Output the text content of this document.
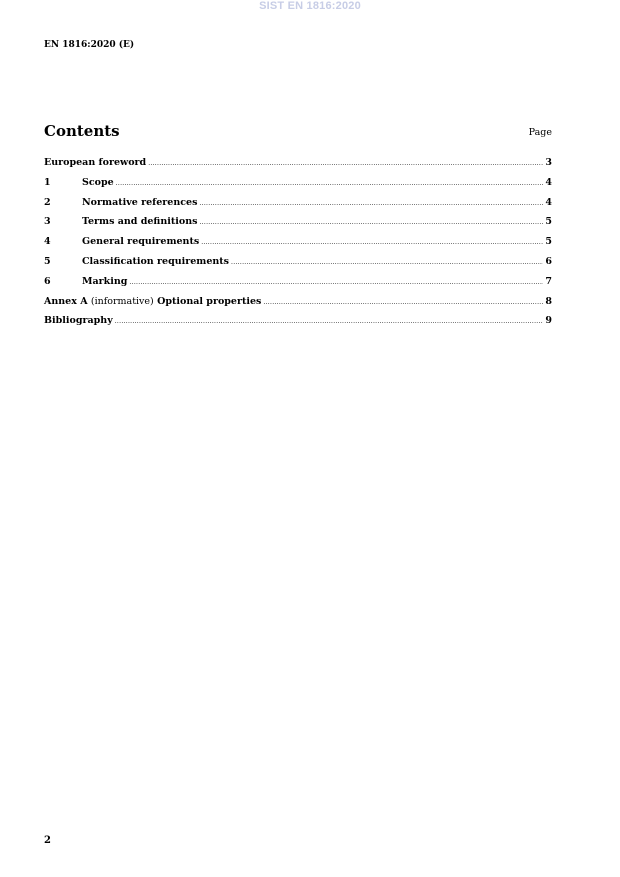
SIST EN 1816:2020
EN 1816:2020 (E)
Contents	Page
European foreword .....	3
1	Scope .....	4
2	Normative references .....	4
3	Terms and definitions .....	5
4	General requirements .....	5
5	Classification requirements .....	6
6	Marking .....	7
Annex A (informative) Optional properties .....	8
Bibliography .....	9
2
